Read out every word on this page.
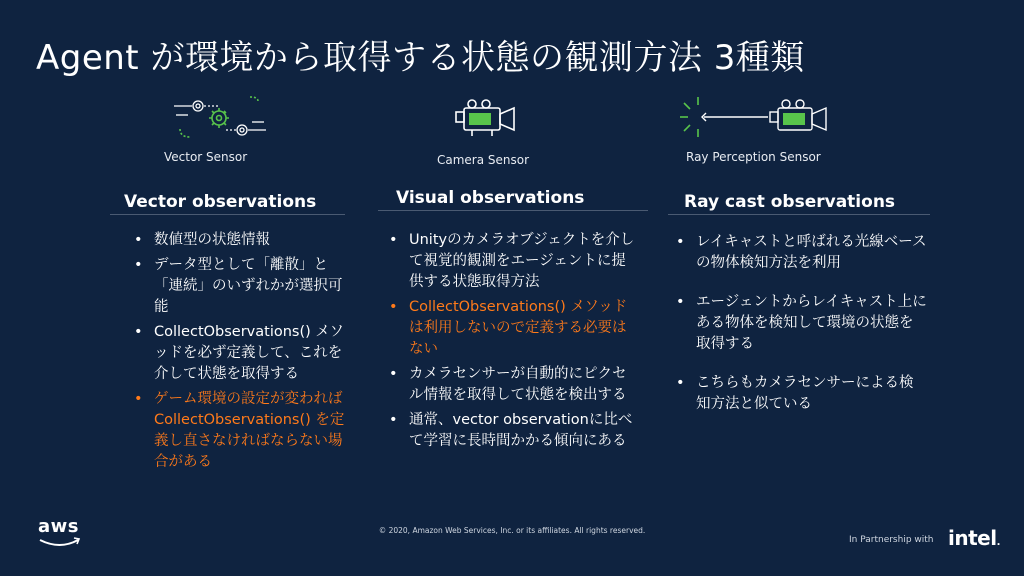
Agent が環境から取得する状態の観測方法 3種類
Vector Sensor	Camera Sensor	Ray Perception Sensor
Vector observations	Visual observations	Ray cast observations
• 数値型の状態情報
• データ型として「離散」と「連続」のいずれかが選択可能
• CollectObservations() メソッドを必ず定義して、これを介して状態を取得する
• ゲーム環境の設定が変われば CollectObservations() を定義し直さなければならない場合がある
• Unityのカメラオブジェクトを介して視覚的観測をエージェントに提供する状態取得方法
• CollectObservations() メソッドは利用しないので定義する必要はない
• カメラセンサーが自動的にピクセル情報を取得して状態を検出する
• 通常、vector observationに比べて学習に長時間かかる傾向にある
• レイキャストと呼ばれる光線ベースの物体検知方法を利用
• エージェントからレイキャスト上にある物体を検知して環境の状態を取得する
• こちらもカメラセンサーによる検知方法と似ている
aws	© 2020, Amazon Web Services, Inc. or its affiliates. All rights reserved.
In Partnership with intel.
